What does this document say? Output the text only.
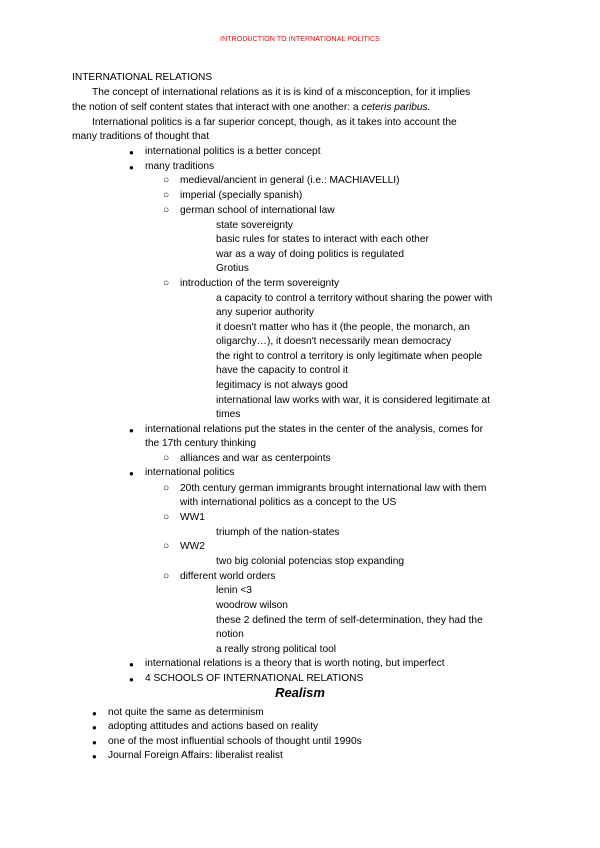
INTRODUCTION TO INTERNATIONAL POLITICS
INTERNATIONAL RELATIONS
The concept of international relations as it is is kind of a misconception, for it implies
the notion of self content states that interact with one another: a ceteris paribus.
International politics is a far superior concept, though, as it takes into account the
many traditions of thought that
● international politics is a better concept
● many traditions
○ medieval/ancient in general (i.e.: MACHIAVELLI)
○ imperial (specially spanish)
○ german school of international law
state sovereignty
basic rules for states to interact with each other
war as a way of doing politics is regulated
Grotius
○ introduction of the term sovereignty
a capacity to control a territory without sharing the power with
any superior authority
it doesn't matter who has it (the people, the monarch, an
oligarchy…), it doesn't necessarily mean democracy
the right to control a territory is only legitimate when people
have the capacity to control it
legitimacy is not always good
international law works with war, it is considered legitimate at
times
● international relations put the states in the center of the analysis, comes for
the 17th century thinking
○ alliances and war as centerpoints
● international politics
○ 20th century german immigrants brought international law with them
with international politics as a concept to the US
○ WW1
triumph of the nation-states
○ WW2
two big colonial potencias stop expanding
○ different world orders
lenin <3
woodrow wilson
these 2 defined the term of self-determination, they had the
notion
a really strong political tool
● international relations is a theory that is worth noting, but imperfect
● 4 SCHOOLS OF INTERNATIONAL RELATIONS
Realism
● not quite the same as determinism
● adopting attitudes and actions based on reality
● one of the most influential schools of thought until 1990s
● Journal Foreign Affairs: liberalist realist
